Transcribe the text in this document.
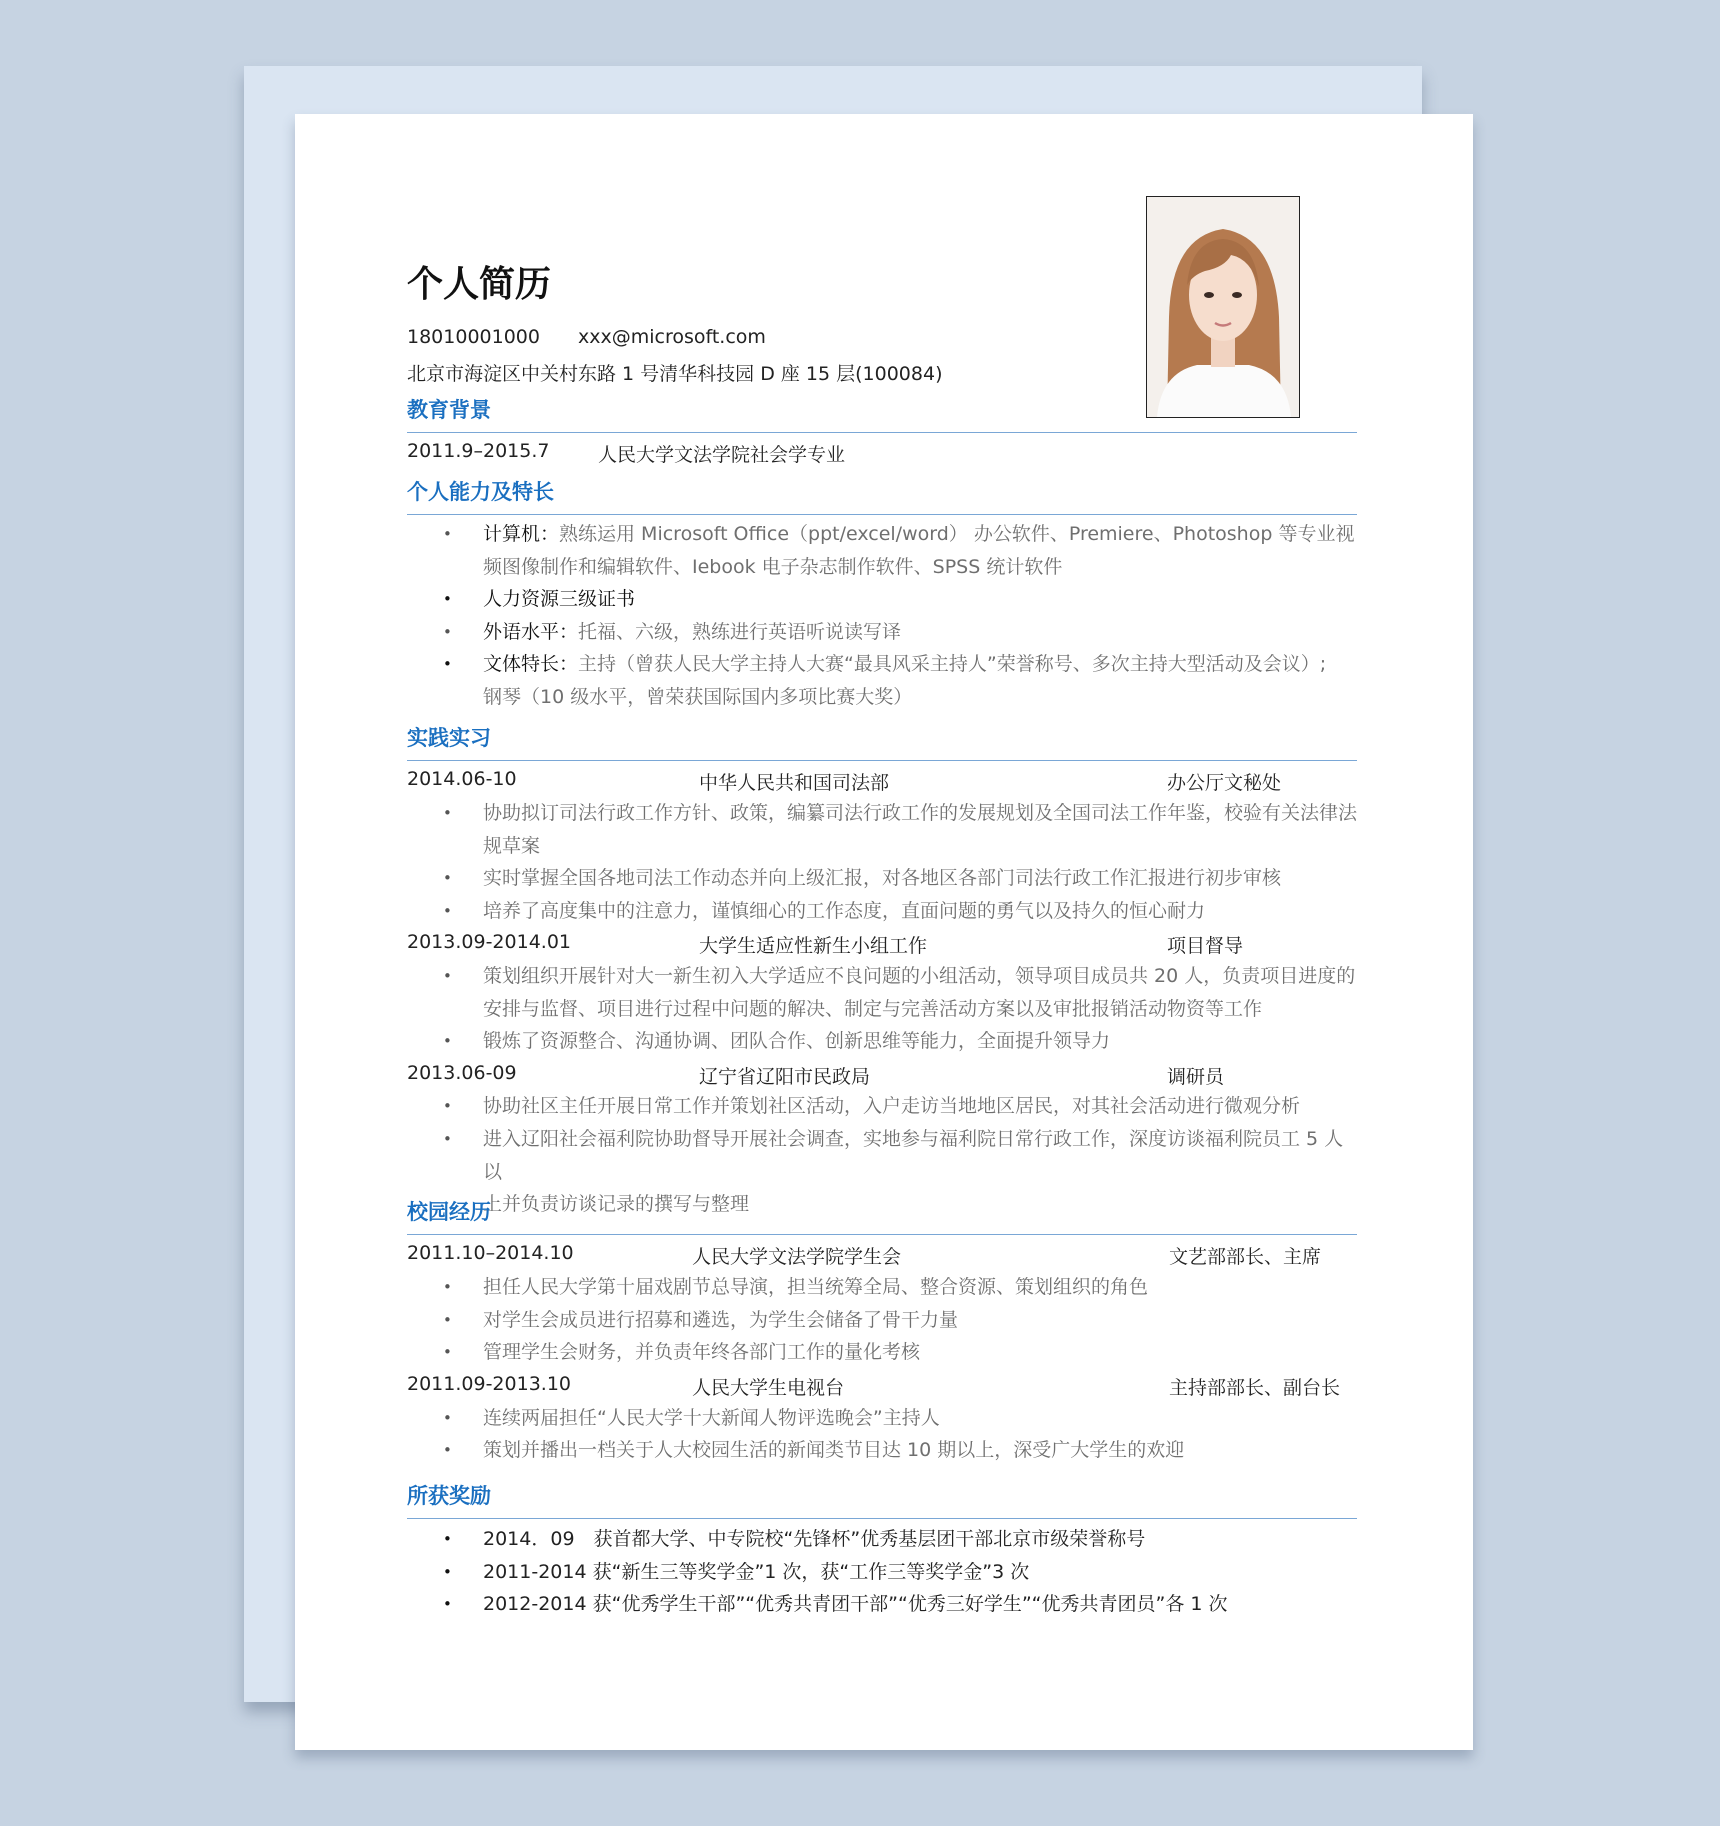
个人简历
18010001000 xxx@microsoft.com
北京市海淀区中关村东路 1 号清华科技园 D 座 15 层(100084)
教育背景
2011.9–2015.7	人民大学文法学院社会学专业
个人能力及特长
•	计算机：熟练运用 Microsoft Office（ppt/excel/word） 办公软件、Premiere、Photoshop 等专业视
频图像制作和编辑软件、Iebook 电子杂志制作软件、SPSS 统计软件
•	人力资源三级证书
•	外语水平：托福、六级，熟练进行英语听说读写译
•	文体特长：主持（曾获人民大学主持人大赛“最具风采主持人”荣誉称号、多次主持大型活动及会议）;
钢琴（10 级水平，曾荣获国际国内多项比赛大奖）
实践实习
2014.06-10	中华人民共和国司法部	办公厅文秘处
•	协助拟订司法行政工作方针、政策，编纂司法行政工作的发展规划及全国司法工作年鉴，校验有关法律法
规草案
•	实时掌握全国各地司法工作动态并向上级汇报，对各地区各部门司法行政工作汇报进行初步审核
•	培养了高度集中的注意力，谨慎细心的工作态度，直面问题的勇气以及持久的恒心耐力
2013.09-2014.01	大学生适应性新生小组工作	项目督导
•	策划组织开展针对大一新生初入大学适应不良问题的小组活动，领导项目成员共 20 人，负责项目进度的
安排与监督、项目进行过程中问题的解决、制定与完善活动方案以及审批报销活动物资等工作
•	锻炼了资源整合、沟通协调、团队合作、创新思维等能力，全面提升领导力
2013.06-09	辽宁省辽阳市民政局	调研员
•	协助社区主任开展日常工作并策划社区活动，入户走访当地地区居民，对其社会活动进行微观分析
•	进入辽阳社会福利院协助督导开展社会调查，实地参与福利院日常行政工作，深度访谈福利院员工 5 人以
上并负责访谈记录的撰写与整理
校园经历
2011.10–2014.10	人民大学文法学院学生会	文艺部部长、主席
•	担任人民大学第十届戏剧节总导演，担当统筹全局、整合资源、策划组织的角色
•	对学生会成员进行招募和遴选，为学生会储备了骨干力量
•	管理学生会财务，并负责年终各部门工作的量化考核
2011.09-2013.10	人民大学生电视台	主持部部长、副台长
•	连续两届担任“人民大学十大新闻人物评选晚会”主持人
•	策划并播出一档关于人大校园生活的新闻类节目达 10 期以上，深受广大学生的欢迎
所获奖励
•	2014．09　获首都大学、中专院校“先锋杯”优秀基层团干部北京市级荣誉称号
•	2011-2014 获“新生三等奖学金”1 次，获“工作三等奖学金”3 次
•	2012-2014 获“优秀学生干部”“优秀共青团干部”“优秀三好学生”“优秀共青团员”各 1 次
